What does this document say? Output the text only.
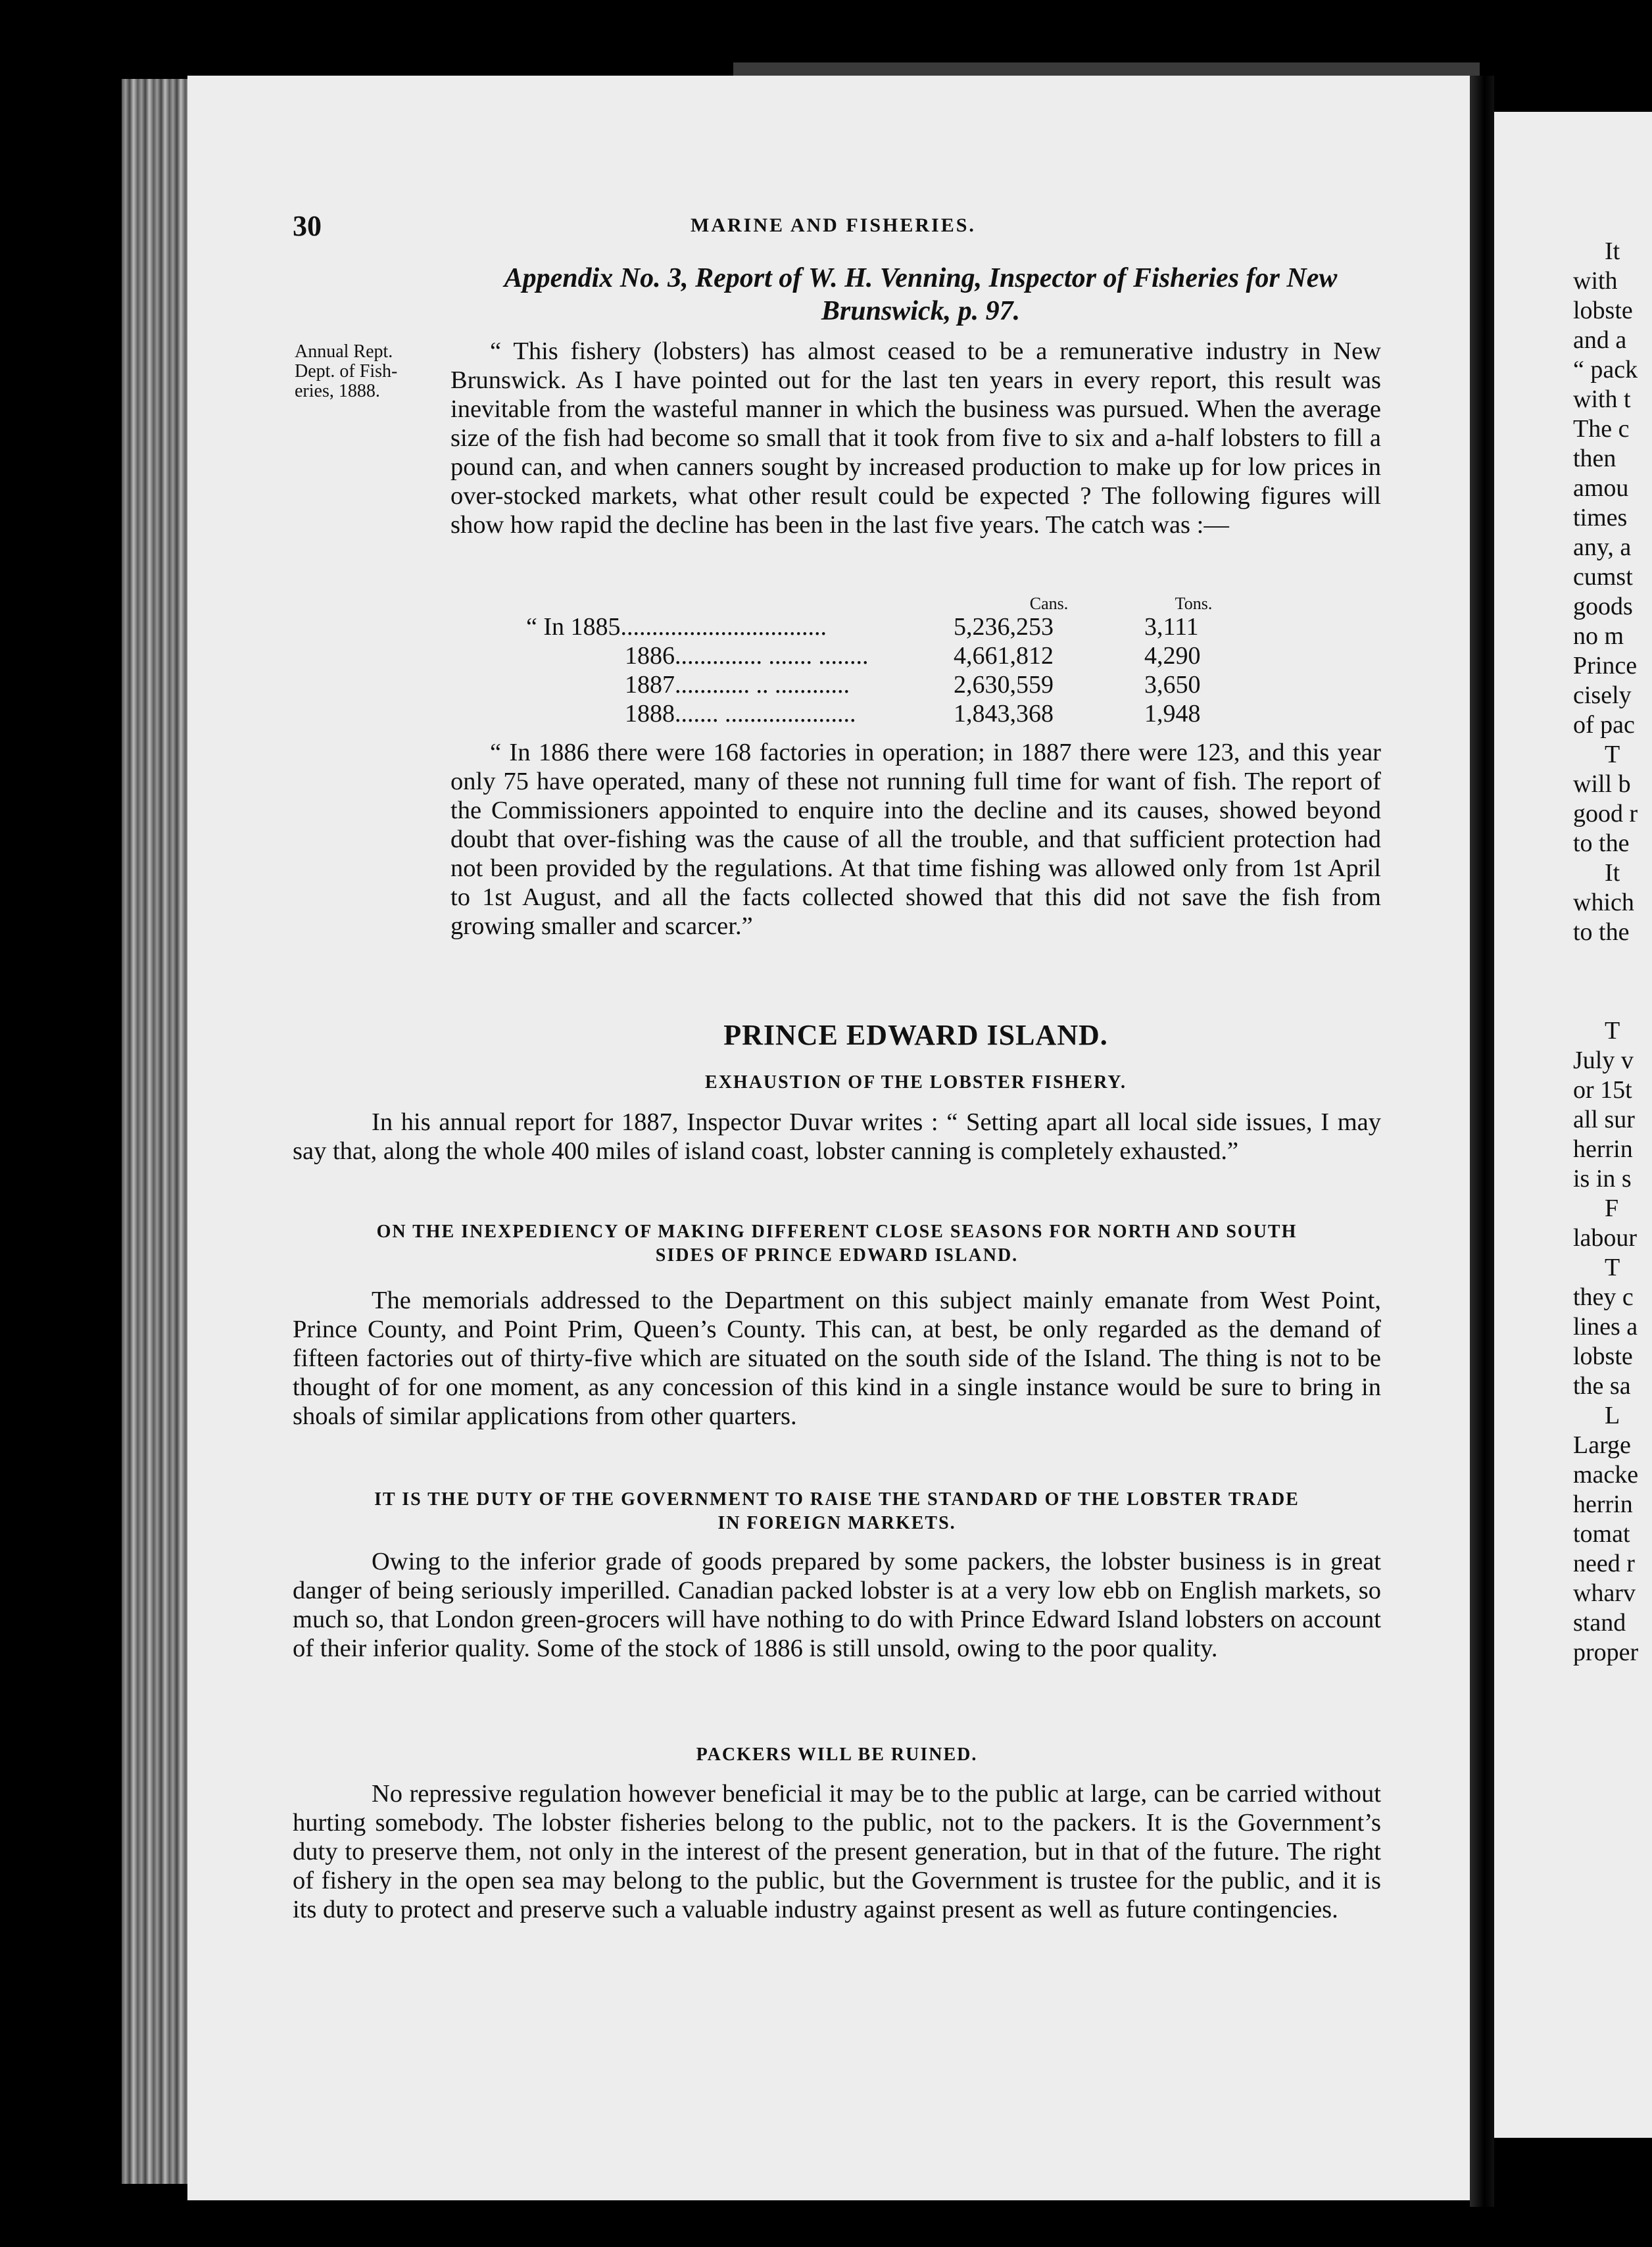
30	MARINE AND FISHERIES.
Appendix No. 3, Report of W. H. Venning, Inspector of Fisheries for New
Brunswick, p. 97.
Annual Rept.
Dept. of Fish-
eries, 1888.
“ This fishery (lobsters) has almost ceased to be a remunerative industry in New Brunswick. As I have pointed out for the last ten years in every report, this result was inevitable from the wasteful manner in which the business was pursued. When the average size of the fish had become so small that it took from five to six and a-half lobsters to fill a pound can, and when canners sought by increased production to make up for low prices in over-stocked markets, what other result could be expected ? The following figures will show how rapid the decline has been in the last five years. The catch was :—
	Cans.	Tons.
“ In 1885.................................	5,236,253	3,111
1886.............. ....... ........	4,661,812	4,290
1887............ .. ............	2,630,559	3,650
1888....... .....................	1,843,368	1,948
“ In 1886 there were 168 factories in operation; in 1887 there were 123, and this year only 75 have operated, many of these not running full time for want of fish. The report of the Commissioners appointed to enquire into the decline and its causes, showed beyond doubt that over-fishing was the cause of all the trouble, and that sufficient protection had not been provided by the regulations. At that time fishing was allowed only from 1st April to 1st August, and all the facts collected showed that this did not save the fish from growing smaller and scarcer.”
PRINCE EDWARD ISLAND.
EXHAUSTION OF THE LOBSTER FISHERY.
In his annual report for 1887, Inspector Duvar writes : “ Setting apart all local side issues, I may say that, along the whole 400 miles of island coast, lobster canning is completely exhausted.”
ON THE INEXPEDIENCY OF MAKING DIFFERENT CLOSE SEASONS FOR NORTH AND SOUTH
SIDES OF PRINCE EDWARD ISLAND.
The memorials addressed to the Department on this subject mainly emanate from West Point, Prince County, and Point Prim, Queen’s County. This can, at best, be only regarded as the demand of fifteen factories out of thirty-five which are situated on the south side of the Island. The thing is not to be thought of for one moment, as any concession of this kind in a single instance would be sure to bring in shoals of similar applications from other quarters.
IT IS THE DUTY OF THE GOVERNMENT TO RAISE THE STANDARD OF THE LOBSTER TRADE
IN FOREIGN MARKETS.
Owing to the inferior grade of goods prepared by some packers, the lobster business is in great danger of being seriously imperilled. Canadian packed lobster is at a very low ebb on English markets, so much so, that London green-grocers will have nothing to do with Prince Edward Island lobsters on account of their inferior quality. Some of the stock of 1886 is still unsold, owing to the poor quality.
PACKERS WILL BE RUINED.
No repressive regulation however beneficial it may be to the public at large, can be carried without hurting somebody. The lobster fisheries belong to the public, not to the packers. It is the Government’s duty to preserve them, not only in the interest of the present generation, but in that of the future. The right of fishery in the open sea may belong to the public, but the Government is trustee for the public, and it is its duty to protect and preserve such a valuable industry against present as well as future contingencies.
It
with
lobste
and a
“ pack
with t
The c
then
amou
times
any, a
cumst
goods
no m
Prince
cisely
of pac
T
will b
good r
to the
It
which
to the
T
July v
or 15t
all sur
herrin
is in s
F
labour
T
they c
lines a
lobste
the sa
L
Large
macke
herrin
tomat
need r
wharv
stand
proper
